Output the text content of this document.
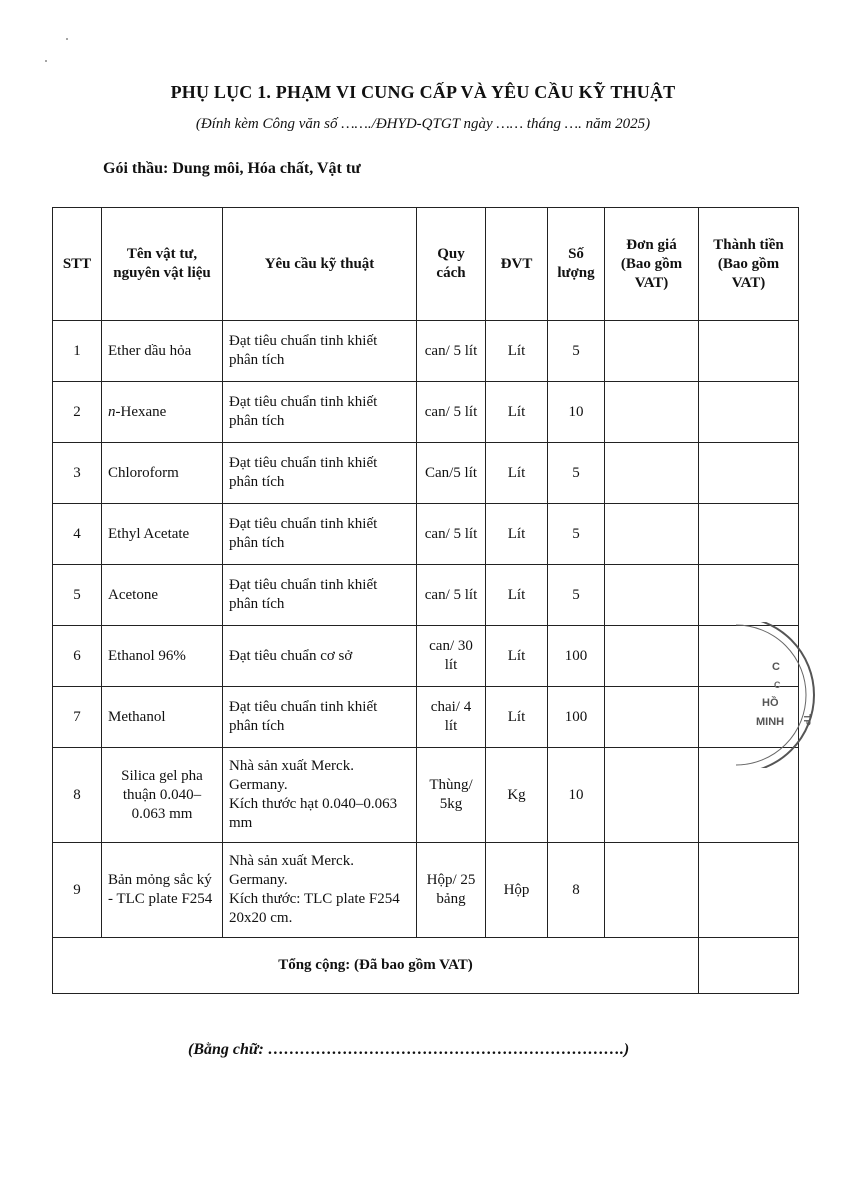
PHỤ LỤC 1. PHẠM VI CUNG CẤP VÀ YÊU CẦU KỸ THUẬT
(Đính kèm Công văn số ……./ĐHYD-QTGT ngày …… tháng …. năm 2025)
Gói thầu: Dung môi, Hóa chất, Vật tư
STT	Tên vật tư, nguyên vật liệu	Yêu cầu kỹ thuật	Quy cách	ĐVT	Số lượng	Đơn giá (Bao gồm VAT)	Thành tiền (Bao gồm VAT)
1	Ether dầu hỏa	Đạt tiêu chuẩn tinh khiết phân tích	can/ 5 lít	Lít	5		
2	n-Hexane	Đạt tiêu chuẩn tinh khiết phân tích	can/ 5 lít	Lít	10		
3	Chloroform	Đạt tiêu chuẩn tinh khiết phân tích	Can/5 lít	Lít	5		
4	Ethyl Acetate	Đạt tiêu chuẩn tinh khiết phân tích	can/ 5 lít	Lít	5		
5	Acetone	Đạt tiêu chuẩn tinh khiết phân tích	can/ 5 lít	Lít	5		
6	Ethanol 96%	Đạt tiêu chuẩn cơ sở	can/ 30 lít	Lít	100		
7	Methanol	Đạt tiêu chuẩn tinh khiết phân tích	chai/ 4 lít	Lít	100		
8	Silica gel pha thuận 0.040–0.063 mm	Nhà sản xuất Merck. Germany.
Kích thước hạt 0.040–0.063 mm	Thùng/ 5kg	Kg	10		
9	Bản mỏng sắc ký - TLC plate F254	Nhà sản xuất Merck. Germany.
Kích thước: TLC plate F254 20x20 cm.	Hộp/ 25 bảng	Hộp	8		
Tổng cộng: (Đã bao gồm VAT)							
(Bằng chữ: ………………………………………………………….)
C
C
HỒ
MINH TP
